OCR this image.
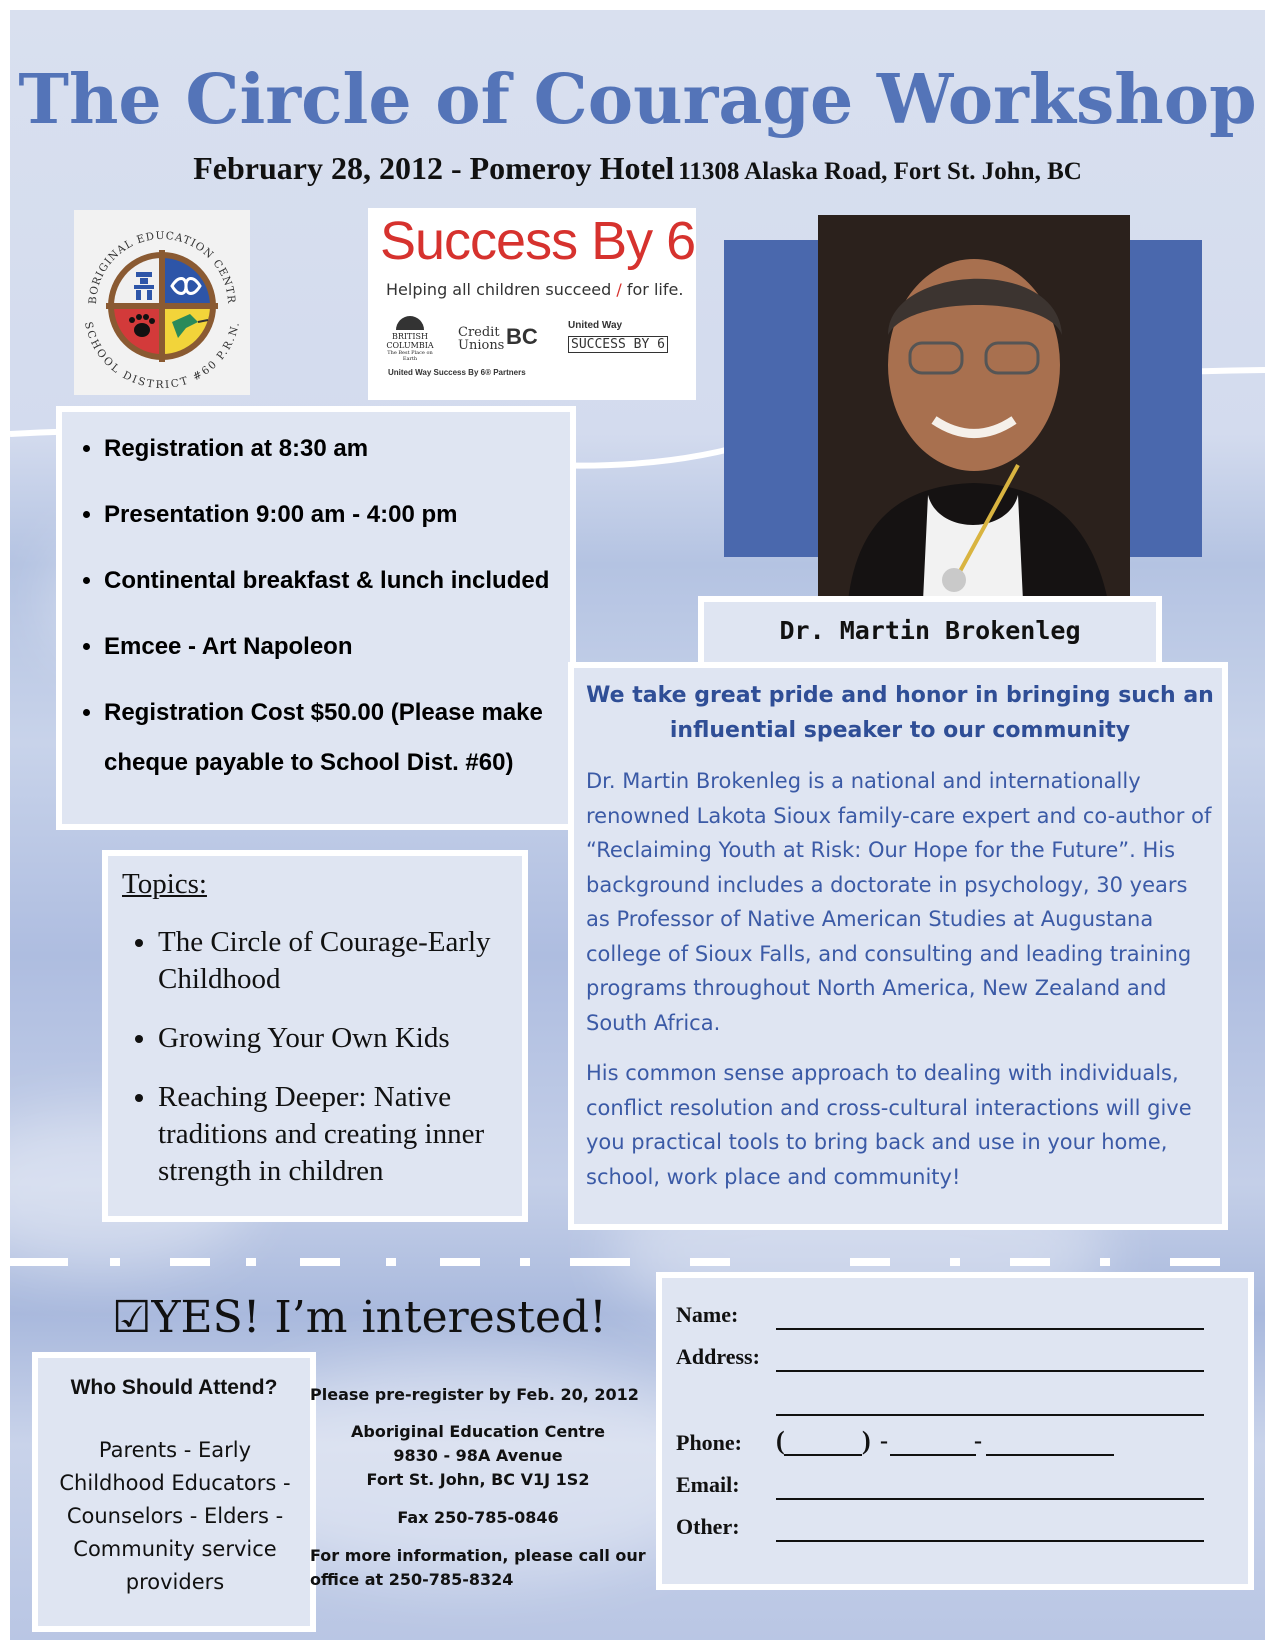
The Circle of Courage Workshop
February 28, 2012 - Pomeroy Hotel 11308 Alaska Road, Fort St. John, BC
BORIGINAL EDUCATION CENTR
SCHOOL DISTRICT #60 P.R.N.
Success By 6
Helping all children succeed / for life.
BRITISH COLUMBIA
The Best Place on Earth
Credit Unions BC	United Way
SUCCESS BY 6
United Way Success By 6® Partners
Dr. Martin Brokenleg
• Registration at 8:30 am
• Presentation 9:00 am - 4:00 pm
• Continental breakfast & lunch included
• Emcee - Art Napoleon
• Registration Cost $50.00 (Please make cheque payable to School Dist. #60)
Topics:
• The Circle of Courage-Early Childhood
• Growing Your Own Kids
• Reaching Deeper: Native traditions and creating inner strength in children
We take great pride and honor in bringing such an influential speaker to our community
Dr. Martin Brokenleg is a national and internationally renowned Lakota Sioux family-care expert and co-author of “Reclaiming Youth at Risk: Our Hope for the Future”. His background includes a doctorate in psychology, 30 years as Professor of Native American Studies at Augustana college of Sioux Falls, and consulting and leading training programs throughout North America, New Zealand and South Africa.
His common sense approach to dealing with individuals, conflict resolution and cross-cultural interactions will give you practical tools to bring back and use in your home, school, work place and community!
☑YES! I’m interested!
Who Should Attend?
Parents - Early Childhood Educators - Counselors - Elders - Community service providers
Please pre-register by Feb. 20, 2012
Aboriginal Education Centre
9830 - 98A Avenue
Fort St. John, BC V1J 1S2
Fax 250-785-0846
For more information, please call our office at 250-785-8324
Name:
Address:
Phone: (	) -	-
Email:
Other:
